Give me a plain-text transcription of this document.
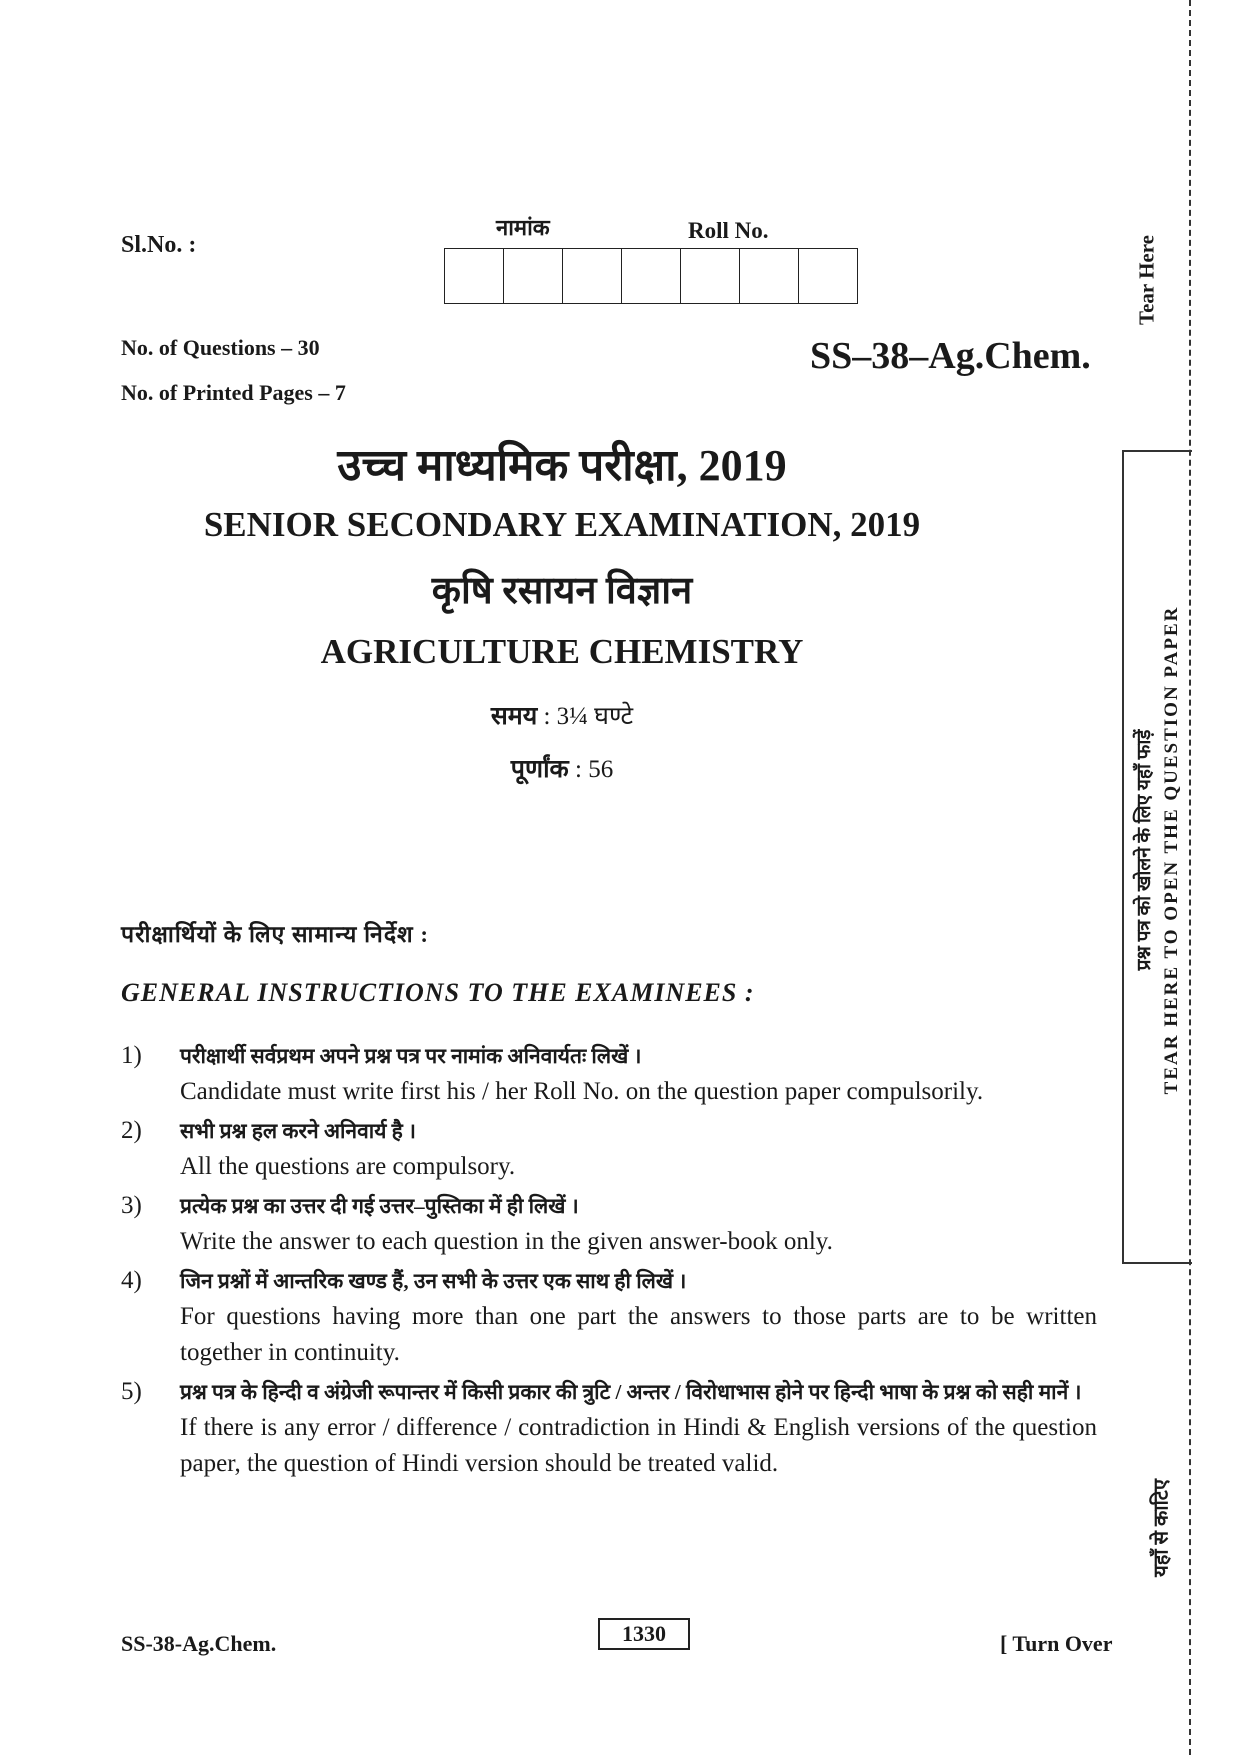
Sl.No. :
नामांक	Roll No.
No. of Questions – 30
No. of Printed Pages – 7
SS–38–Ag.Chem.
उच्च माध्यमिक परीक्षा, 2019
SENIOR SECONDARY EXAMINATION, 2019
कृषि रसायन विज्ञान
AGRICULTURE CHEMISTRY
समय : 3¼ घण्टे
पूर्णांक : 56
परीक्षार्थियों के लिए सामान्य निर्देश :
GENERAL INSTRUCTIONS TO THE EXAMINEES :
1)	परीक्षार्थी सर्वप्रथम अपने प्रश्न पत्र पर नामांक अनिवार्यतः लिखें ।
Candidate must write first his / her Roll No. on the question paper compulsorily.
2)	सभी प्रश्न हल करने अनिवार्य है ।
All the questions are compulsory.
3)	प्रत्येक प्रश्न का उत्तर दी गई उत्तर–पुस्तिका में ही लिखें ।
Write the answer to each question in the given answer-book only.
4)	जिन प्रश्नों में आन्तरिक खण्ड हैं, उन सभी के उत्तर एक साथ ही लिखें ।
For questions having more than one part the answers to those parts are to be written together in continuity.
5)	प्रश्न पत्र के हिन्दी व अंग्रेजी रूपान्तर में किसी प्रकार की त्रुटि / अन्तर / विरोधाभास होने पर हिन्दी भाषा के प्रश्न को सही मानें ।
If there is any error / difference / contradiction in Hindi & English versions of the question paper, the question of Hindi version should be treated valid.
SS-38-Ag.Chem.	1330	[ Turn Over
Tear Here
TEAR HERE TO OPEN THE QUESTION PAPER
प्रश्न पत्र को खोलने के लिए यहाँ फाड़ें
यहाँ से काटिए
